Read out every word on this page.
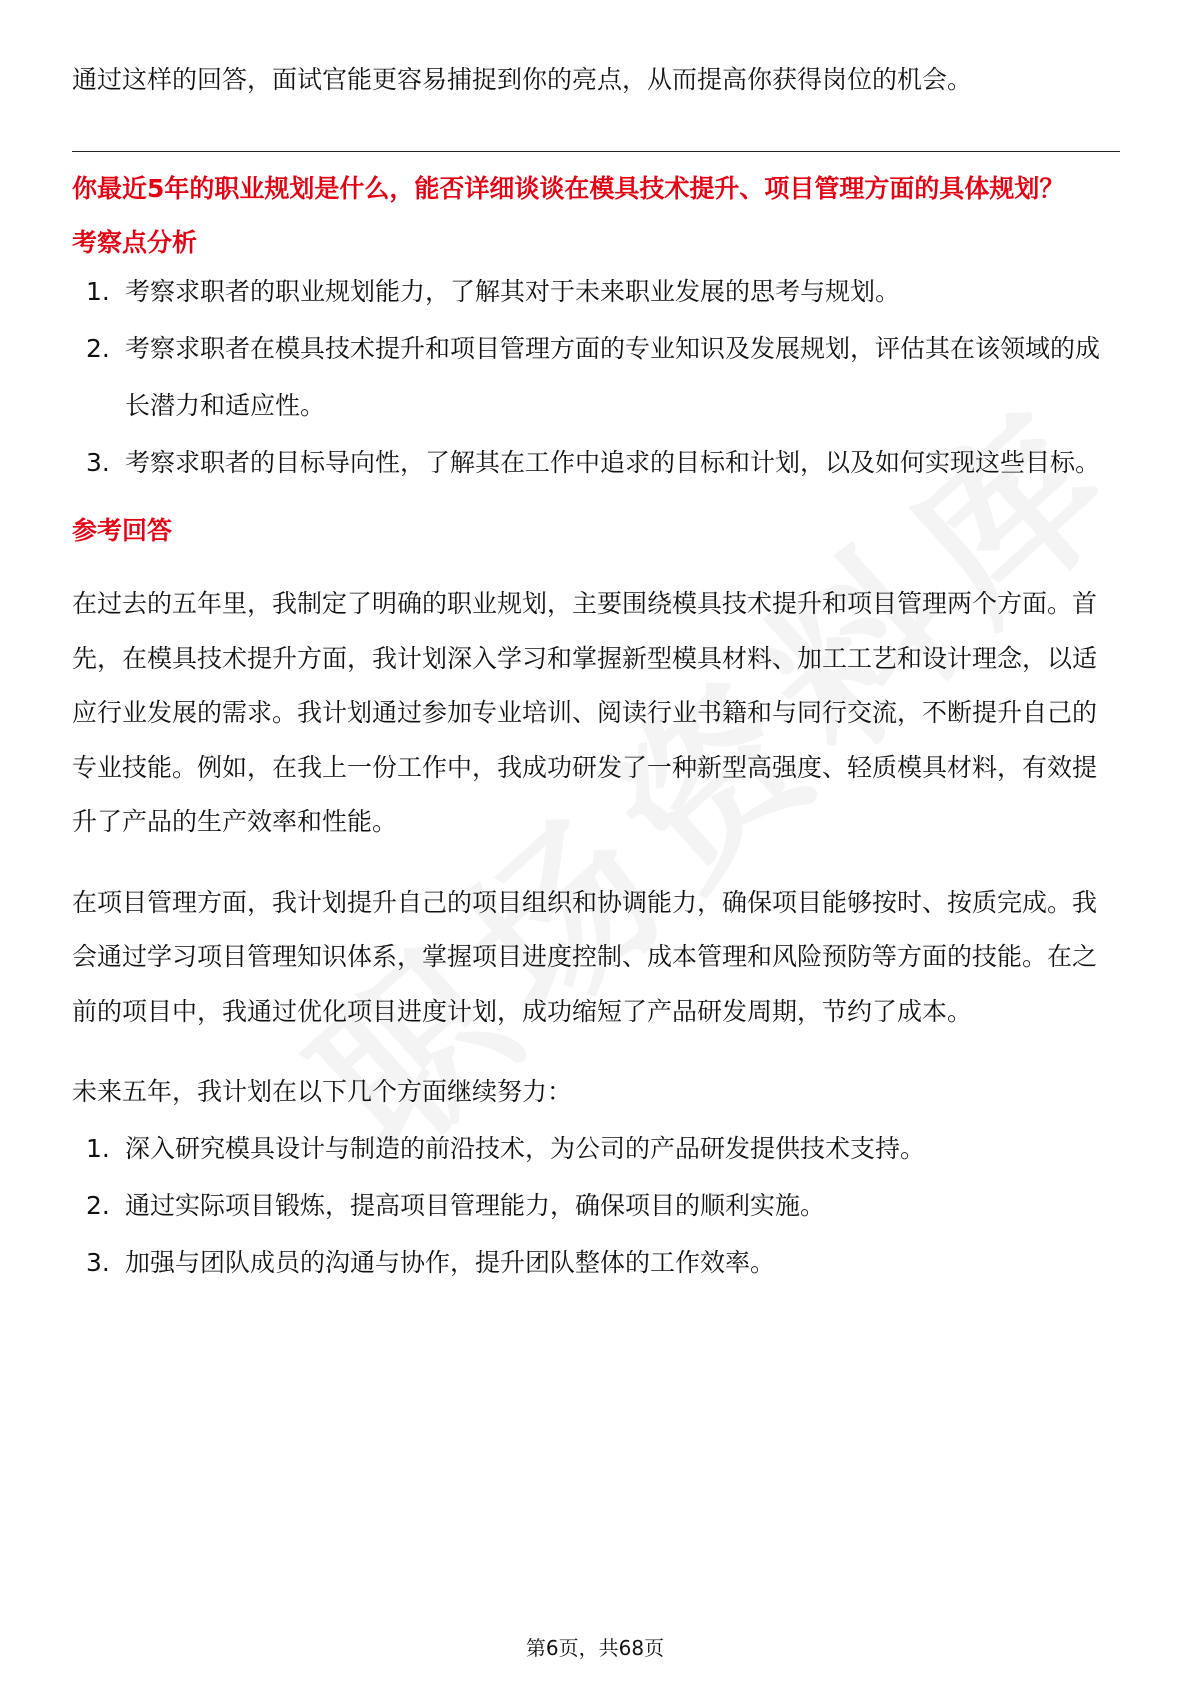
通过这样的回答，面试官能更容易捕捉到你的亮点，从而提高你获得岗位的机会。

你最近5年的职业规划是什么，能否详细谈谈在模具技术提升、项目管理方面的具体规划？

考察点分析

1. 考察求职者的职业规划能力，了解其对于未来职业发展的思考与规划。
2. 考察求职者在模具技术提升和项目管理方面的专业知识及发展规划，评估其在该领域的成长潜力和适应性。
3. 考察求职者的目标导向性，了解其在工作中追求的目标和计划，以及如何实现这些目标。

参考回答

在过去的五年里，我制定了明确的职业规划，主要围绕模具技术提升和项目管理两个方面。首先，在模具技术提升方面，我计划深入学习和掌握新型模具材料、加工工艺和设计理念，以适应行业发展的需求。我计划通过参加专业培训、阅读行业书籍和与同行交流，不断提升自己的专业技能。例如，在我上一份工作中，我成功研发了一种新型高强度、轻质模具材料，有效提升了产品的生产效率和性能。

在项目管理方面，我计划提升自己的项目组织和协调能力，确保项目能够按时、按质完成。我会通过学习项目管理知识体系，掌握项目进度控制、成本管理和风险预防等方面的技能。在之前的项目中，我通过优化项目进度计划，成功缩短了产品研发周期，节约了成本。

未来五年，我计划在以下几个方面继续努力：

1. 深入研究模具设计与制造的前沿技术，为公司的产品研发提供技术支持。
2. 通过实际项目锻炼，提高项目管理能力，确保项目的顺利实施。
3. 加强与团队成员的沟通与协作，提升团队整体的工作效率。
第6页，共68页
